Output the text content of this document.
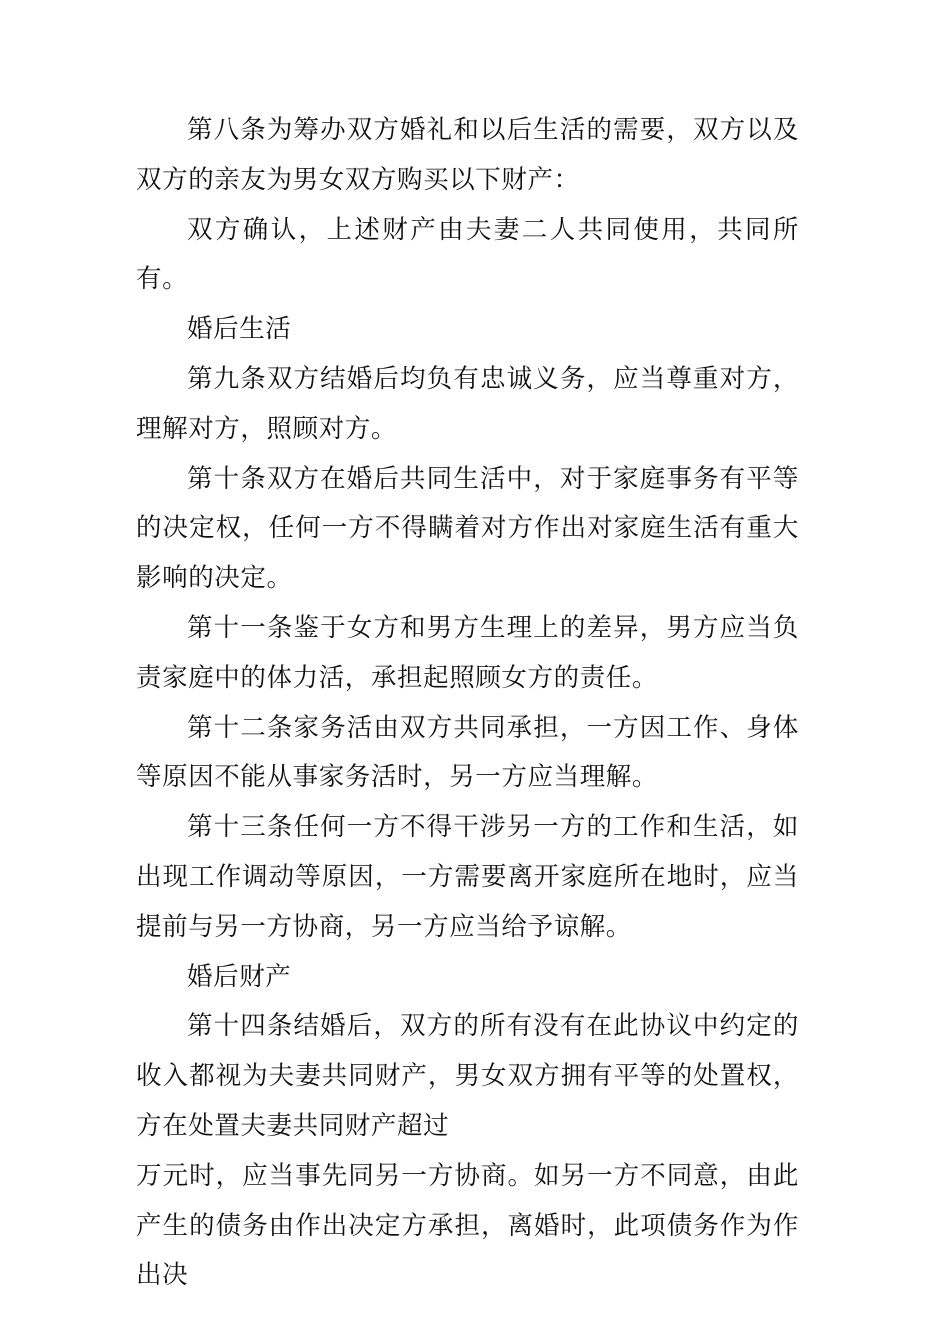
第八条为筹办双方婚礼和以后生活的需要，双方以及双方的亲友为男女双方购买以下财产：

双方确认，上述财产由夫妻二人共同使用，共同所有。

婚后生活

第九条双方结婚后均负有忠诚义务，应当尊重对方，理解对方，照顾对方。

第十条双方在婚后共同生活中，对于家庭事务有平等的决定权，任何一方不得瞒着对方作出对家庭生活有重大影响的决定。

第十一条鉴于女方和男方生理上的差异，男方应当负责家庭中的体力活，承担起照顾女方的责任。

第十二条家务活由双方共同承担，一方因工作、身体等原因不能从事家务活时，另一方应当理解。

第十三条任何一方不得干涉另一方的工作和生活，如出现工作调动等原因，一方需要离开家庭所在地时，应当提前与另一方协商，另一方应当给予谅解。

婚后财产

第十四条结婚后，双方的所有没有在此协议中约定的收入都视为夫妻共同财产，男女双方拥有平等的处置权，方在处置夫妻共同财产超过

万元时，应当事先同另一方协商。如另一方不同意，由此产生的债务由作出决定方承担，离婚时，此项债务作为作出决
